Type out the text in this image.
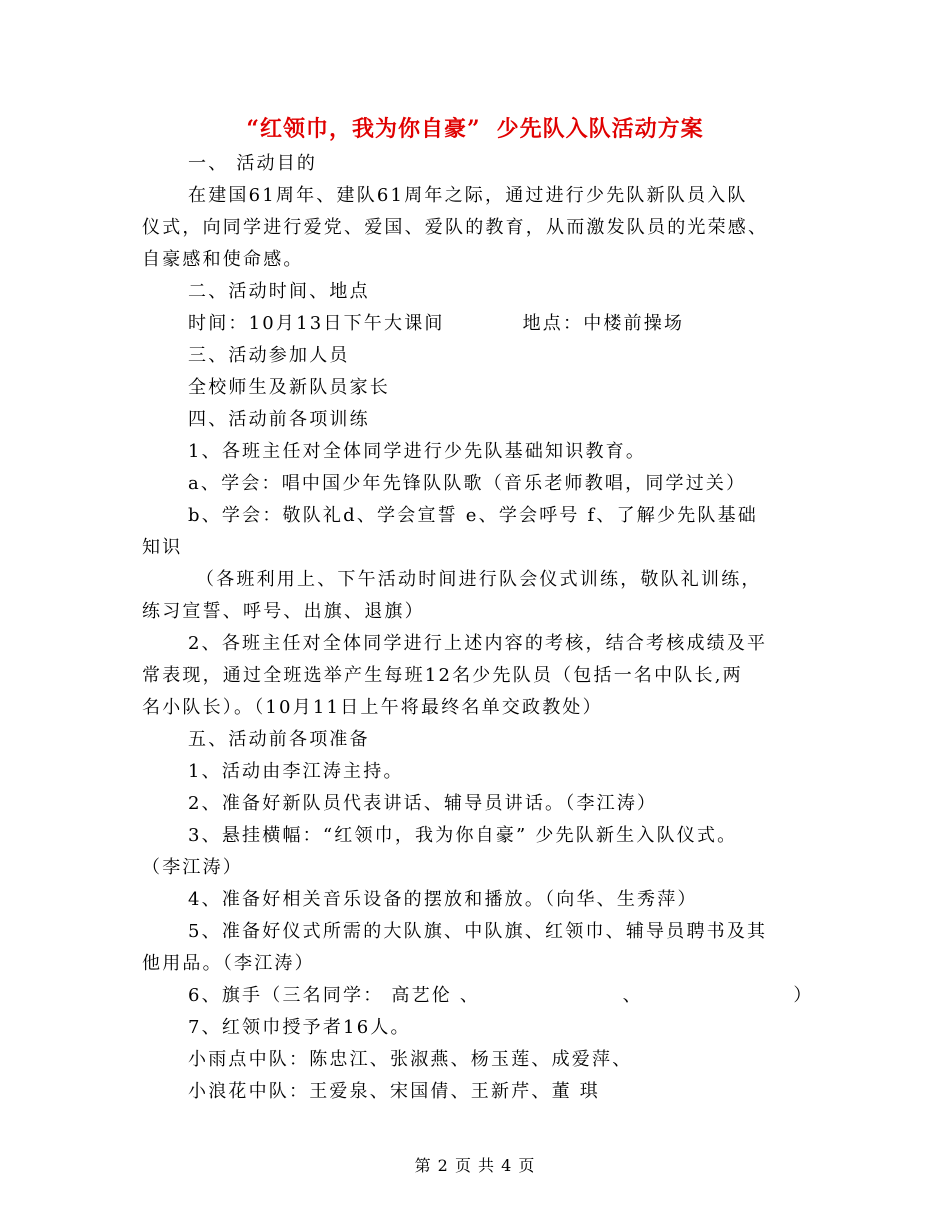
“红领巾，我为你自豪” 少先队入队活动方案
一、 活动目的
在建国61周年、建队61周年之际，通过进行少先队新队员入队
仪式，向同学进行爱党、爱国、爱队的教育，从而激发队员的光荣感、
自豪感和使命感。
二、活动时间、地点
时间：10月13日下午大课间	地点：中楼前操场
三、活动参加人员
全校师生及新队员家长
四、活动前各项训练
1、各班主任对全体同学进行少先队基础知识教育。
a、学会：唱中国少年先锋队队歌（音乐老师教唱，同学过关）
b、学会：敬队礼d、学会宣誓 e、学会呼号 f、了解少先队基础
知识
（各班利用上、下午活动时间进行队会仪式训练，敬队礼训练，
练习宣誓、呼号、出旗、退旗）
2、各班主任对全体同学进行上述内容的考核，结合考核成绩及平
常表现，通过全班选举产生每班12名少先队员（包括一名中队长,两
名小队长）。（10月11日上午将最终名单交政教处）
五、活动前各项准备
1、活动由李江涛主持。
2、准备好新队员代表讲话、辅导员讲话。（李江涛）
3、悬挂横幅：“红领巾，我为你自豪” 少先队新生入队仪式。
（李江涛）
4、准备好相关音乐设备的摆放和播放。（向华、生秀萍）
5、准备好仪式所需的大队旗、中队旗、红领巾、辅导员聘书及其
他用品。（李江涛）
6、旗手（三名同学： 高艺伦 、                  、                   ）
7、红领巾授予者16人。
小雨点中队：陈忠江、张淑燕、杨玉莲、成爱萍、
小浪花中队：王爱泉、宋国倩、王新芹、董 琪
第 2 页 共 4 页
